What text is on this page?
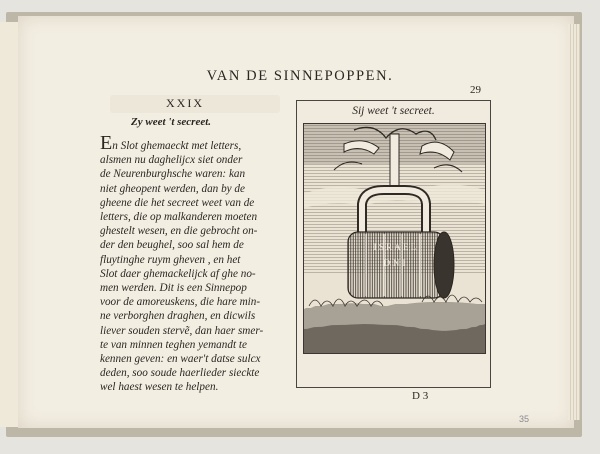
VAN DE SINNEPOPPEN.
29
XXIX
Zy weet 't secreet.
En Slot ghemaeckt met letters,
alsmen nu daghelijcx siet onder
de Neurenburghsche waren: kan
niet gheopent werden, dan by de
gheene die het secreet weet van de
letters, die op malkanderen moeten
ghestelt wesen, en die gebrocht on-
der den beughel, soo sal hem de
fluytinghe ruym gheven , en het
Slot daer ghemackelijck af ghe no-
men werden. Dit is een Sinnepop
voor de amoreuskens, die hare min-
ne verborghen draghen, en dicwils
liever souden stervẽ, dan haer smer-
te van minnen teghen yemandt te
kennen geven: en waer't datse sulcx
deden, soo soude haerlieder sieckte
wel haest wesen te helpen.
Sij weet 't secreet.
ISRAEL
DNI
D 3
35
